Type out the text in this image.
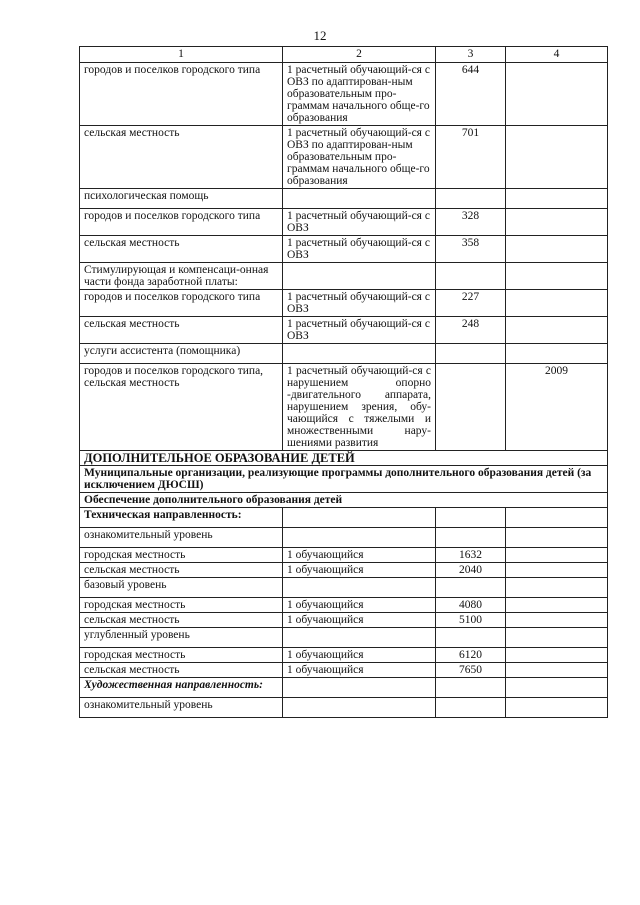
12
1	2	3	4
городов и поселков городского типа	1 расчетный обучающий-ся с ОВЗ по адаптирован-ным образовательным про-граммам начального обще-го образования	644	
сельская местность	1 расчетный обучающий-ся с ОВЗ по адаптирован-ным образовательным про-граммам начального обще-го образования	701	
психологическая помощь			
городов и поселков городского типа	1 расчетный обучающий-ся с ОВЗ	328	
сельская местность	1 расчетный обучающий-ся с ОВЗ	358	
Стимулирующая и компенсаци-онная части фонда заработной платы:			
городов и поселков городского типа	1 расчетный обучающий-ся с ОВЗ	227	
сельская местность	1 расчетный обучающий-ся с ОВЗ	248	
услуги ассистента (помощника)			
городов и поселков городского типа, сельская местность	1 расчетный обучающий-ся с нарушением опорно -двигательного аппарата, нарушением зрения, обу-чающийся с тяжелыми и множественными нару-шениями развития		2009
ДОПОЛНИТЕЛЬНОЕ ОБРАЗОВАНИЕ ДЕТЕЙ			
Муниципальные организации, реализующие программы дополнительного образования детей (за исключением ДЮСШ)			
Обеспечение дополнительного образования детей			
Техническая направленность:			
ознакомительный уровень			
городская местность	1 обучающийся	1632	
сельская местность	1 обучающийся	2040	
базовый уровень			
городская местность	1 обучающийся	4080	
сельская местность	1 обучающийся	5100	
углубленный уровень			
городская местность	1 обучающийся	6120	
сельская местность	1 обучающийся	7650	
Художественная направленность:			
ознакомительный уровень			
